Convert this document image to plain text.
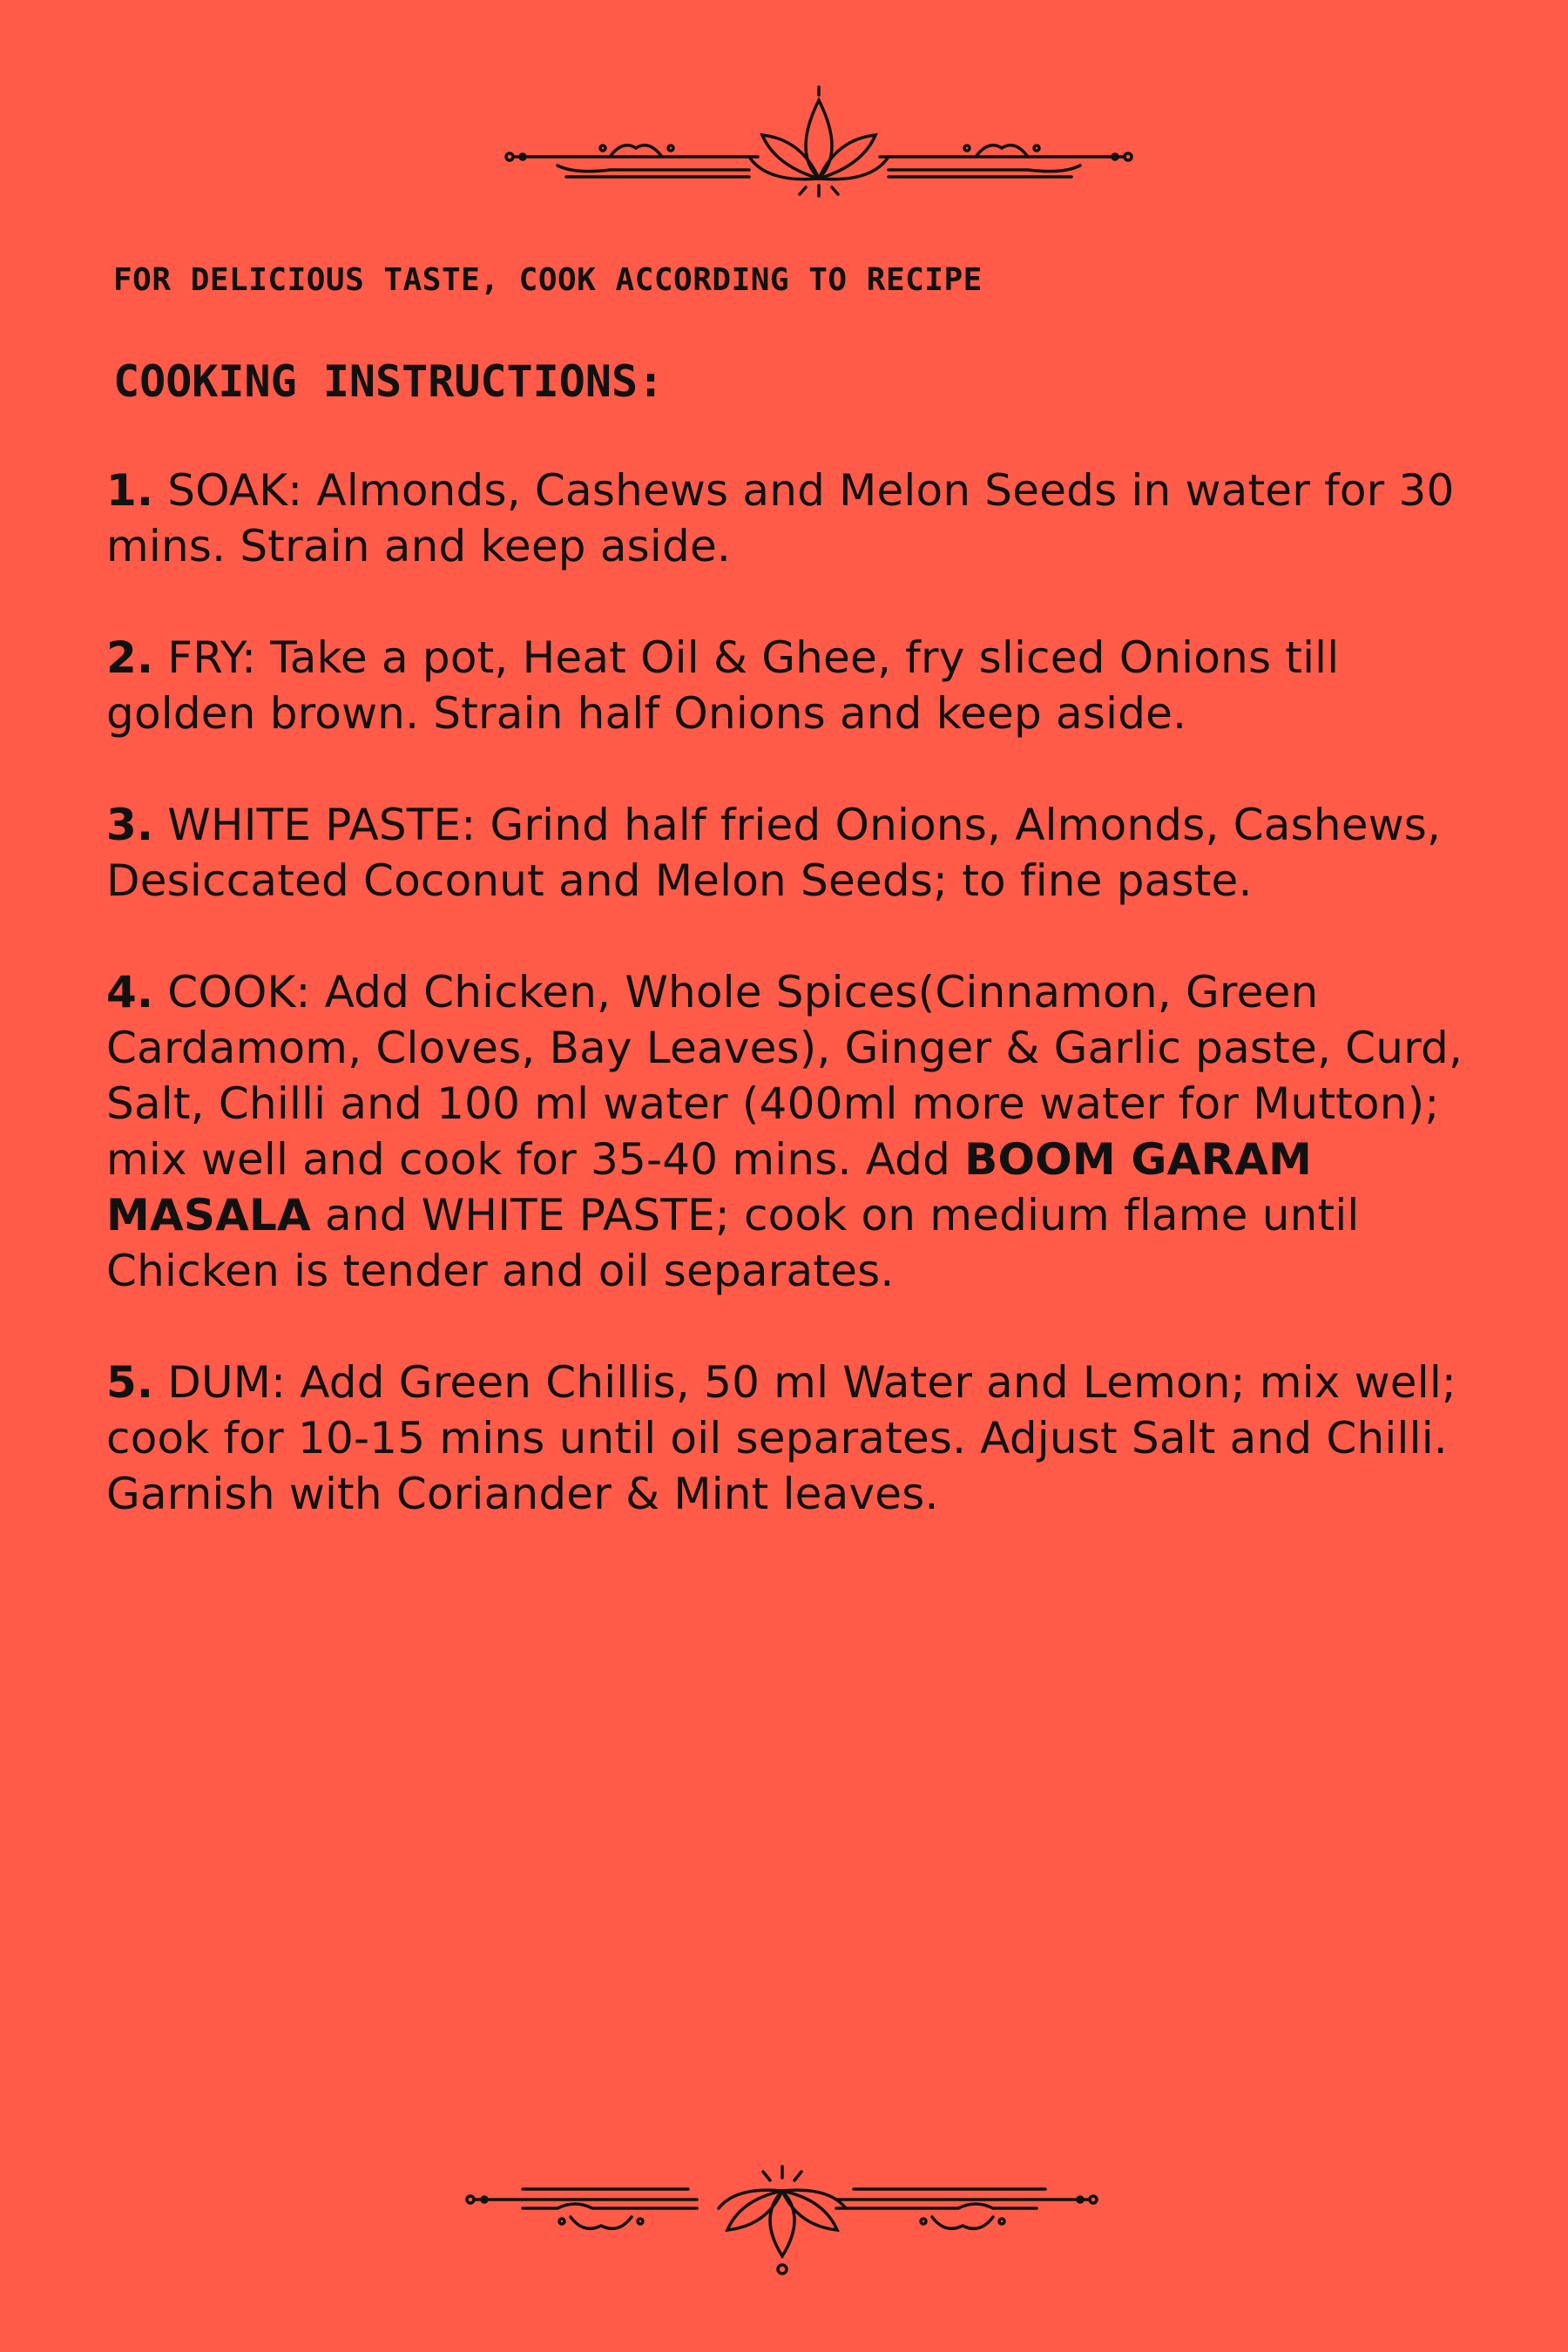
FOR DELICIOUS TASTE, COOK ACCORDING TO RECIPE

COOKING INSTRUCTIONS:
1. SOAK: Almonds, Cashews and Melon Seeds in water for 30 mins. Strain and keep aside.
2. FRY: Take a pot, Heat Oil & Ghee, fry sliced Onions till golden brown. Strain half Onions and keep aside.
3. WHITE PASTE: Grind half fried Onions, Almonds, Cashews, Desiccated Coconut and Melon Seeds; to fine paste.
4. COOK: Add Chicken, Whole Spices(Cinnamon, Green Cardamom, Cloves, Bay Leaves), Ginger & Garlic paste, Curd, Salt, Chilli and 100 ml water (400ml more water for Mutton); mix well and cook for 35-40 mins. Add BOOM GARAM MASALA and WHITE PASTE; cook on medium flame until Chicken is tender and oil separates.
5. DUM: Add Green Chillis, 50 ml Water and Lemon; mix well; cook for 10-15 mins until oil separates. Adjust Salt and Chilli. Garnish with Coriander & Mint leaves.
